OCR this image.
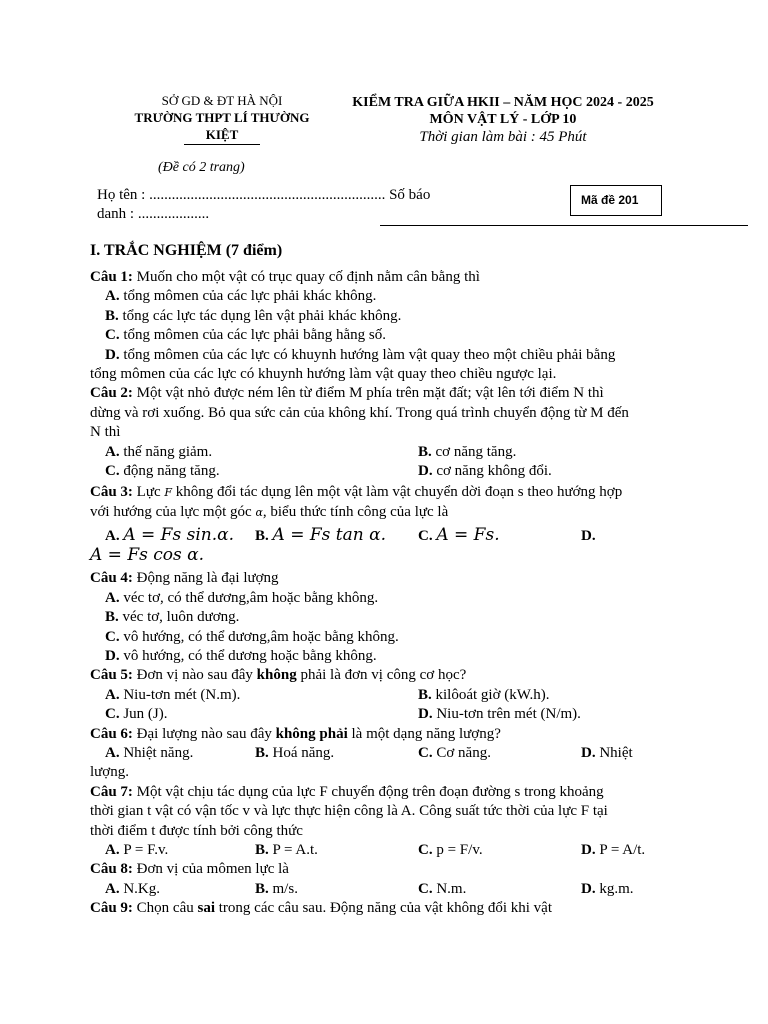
SỞ GD & ĐT HÀ NỘI
TRƯỜNG THPT LÍ THƯỜNG
KIỆT
(Đề có 2 trang)
KIỂM TRA GIỮA HKII – NĂM HỌC 2024 - 2025
MÔN VẬT LÝ - LỚP 10
Thời gian làm bài : 45 Phút
Họ tên : ............................................................... Số báo
danh : ...................
Mã đề 201
I. TRẮC NGHIỆM (7 điểm)
Câu 1: Muốn cho một vật có trục quay cố định nằm cân bằng thì
A. tổng mômen của các lực phải khác không.
B. tổng các lực tác dụng lên vật phải khác không.
C. tổng mômen của các lực phải bằng hằng số.
D. tổng mômen của các lực có khuynh hướng làm vật quay theo một chiều phải bằng
tổng mômen của các lực có khuynh hướng làm vật quay theo chiều ngược lại.
Câu 2: Một vật nhỏ được ném lên từ điểm M phía trên mặt đất; vật lên tới điểm N thì
dừng và rơi xuống. Bỏ qua sức cản của không khí. Trong quá trình chuyển động từ M đến
N thì
A. thế năng giảm.	B. cơ năng tăng.
C. động năng tăng.	D. cơ năng không đổi.
Câu 3: Lực F không đổi tác dụng lên một vật làm vật chuyển dời đoạn s theo hướng hợp
với hướng của lực một góc α, biểu thức tính công của lực là
A. A = Fs sin.α.	B. A = Fs tan α.	C. A = Fs.	D.
A = Fs cos α.
Câu 4: Động năng là đại lượng
A. véc tơ, có thể dương,âm hoặc bằng không.
B. véc tơ, luôn dương.
C. vô hướng, có thể dương,âm hoặc bằng không.
D. vô hướng, có thể dương hoặc bằng không.
Câu 5: Đơn vị nào sau đây không phải là đơn vị công cơ học?
A. Niu-tơn mét (N.m).	B. kilôoát giờ (kW.h).
C. Jun (J).	D. Niu-tơn trên mét (N/m).
Câu 6: Đại lượng nào sau đây không phải là một dạng năng lượng?
A. Nhiệt năng.	B. Hoá năng.	C. Cơ năng.	D. Nhiệt
lượng.
Câu 7: Một vật chịu tác dụng của lực F chuyển động trên đoạn đường s trong khoảng
thời gian t vật có vận tốc v và lực thực hiện công là A. Công suất tức thời của lực F tại
thời điểm t được tính bởi công thức
A. P = F.v.	B. P = A.t.	C. p = F/v.	D. P = A/t.
Câu 8: Đơn vị của mômen lực là
A. N.Kg.	B. m/s.	C. N.m.	D. kg.m.
Câu 9: Chọn câu sai trong các câu sau. Động năng của vật không đổi khi vật
